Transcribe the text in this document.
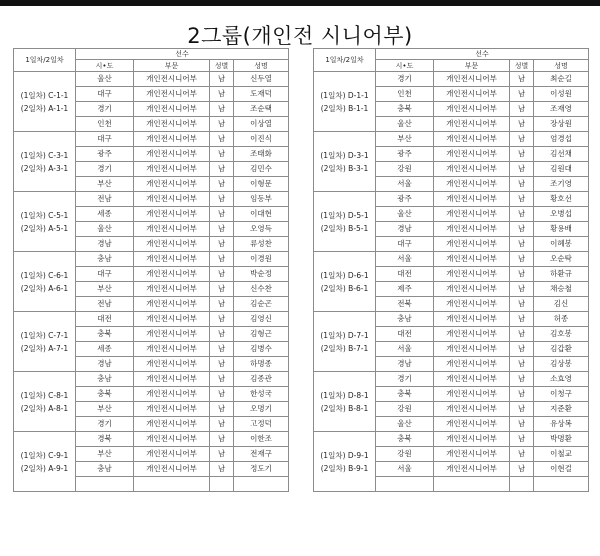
2그룹(개인전 시니어부)
1일차/2일차	선수			
	시•도	부문	성별	성명

(1일차) C-1-1
(2일차) A-1-1	울산	개인전시니어부	남	신두열
	대구	개인전시니어부	남	도재덕
	경기	개인전시니어부	남	조순택
	인천	개인전시니어부	남	이상열

(1일차) C-3-1
(2일차) A-3-1	대구	개인전시니어부	남	이진식
	광주	개인전시니어부	남	조태화
	경기	개인전시니어부	남	김민수
	부산	개인전시니어부	남	이형문

(1일차) C-5-1
(2일차) A-5-1	전남	개인전시니어부	남	임동부
	세종	개인전시니어부	남	이대현
	울산	개인전시니어부	남	오영득
	경남	개인전시니어부	남	류성찬

(1일차) C-6-1
(2일차) A-6-1	충남	개인전시니어부	남	이경원
	대구	개인전시니어부	남	박순정
	부산	개인전시니어부	남	신수찬
	전남	개인전시니어부	남	김순곤

(1일차) C-7-1
(2일차) A-7-1	대전	개인전시니어부	남	김영신
	충북	개인전시니어부	남	김형근
	세종	개인전시니어부	남	김병수
	경남	개인전시니어부	남	하명종

(1일차) C-8-1
(2일차) A-8-1	충남	개인전시니어부	남	김종관
	충북	개인전시니어부	남	한성국
	부산	개인전시니어부	남	오명기
	경기	개인전시니어부	남	고정덕

(1일차) C-9-1
(2일차) A-9-1	경북	개인전시니어부	남	이한조
	부산	개인전시니어부	남	전재구
	충남	개인전시니어부	남	정도기

1일차/2일차	선수			
	시•도	부문	성별	성명

(1일차) D-1-1
(2일차) B-1-1	경기	개인전시니어부	남	최순길
	인천	개인전시니어부	남	이성원
	충북	개인전시니어부	남	조재영
	울산	개인전시니어부	남	장상원

(1일차) D-3-1
(2일차) B-3-1	부산	개인전시니어부	남	엄경섭
	광주	개인전시니어부	남	김선채
	강원	개인전시니어부	남	김원대
	서울	개인전시니어부	남	조기영

(1일차) D-5-1
(2일차) B-5-1	광주	개인전시니어부	남	황호선
	울산	개인전시니어부	남	오병섭
	경남	개인전시니어부	남	황용배
	대구	개인전시니어부	남	이혜봉

(1일차) D-6-1
(2일차) B-6-1	서울	개인전시니어부	남	오순탁
	대전	개인전시니어부	남	하환규
	제주	개인전시니어부	남	채승철
	전북	개인전시니어부	남	김신

(1일차) D-7-1
(2일차) B-7-1	충남	개인전시니어부	남	허종
	대전	개인전시니어부	남	김호봉
	서울	개인전시니어부	남	김갑환
	경남	개인전시니어부	남	김상봉

(1일차) D-8-1
(2일차) B-8-1	경기	개인전시니어부	남	소효영
	충북	개인전시니어부	남	이청구
	강원	개인전시니어부	남	지준환
	울산	개인전시니어부	남	유상복

(1일차) D-9-1
(2일차) B-9-1	충북	개인전시니어부	남	박명환
	강원	개인전시니어부	남	이철교
	서울	개인전시니어부	남	이현걸
